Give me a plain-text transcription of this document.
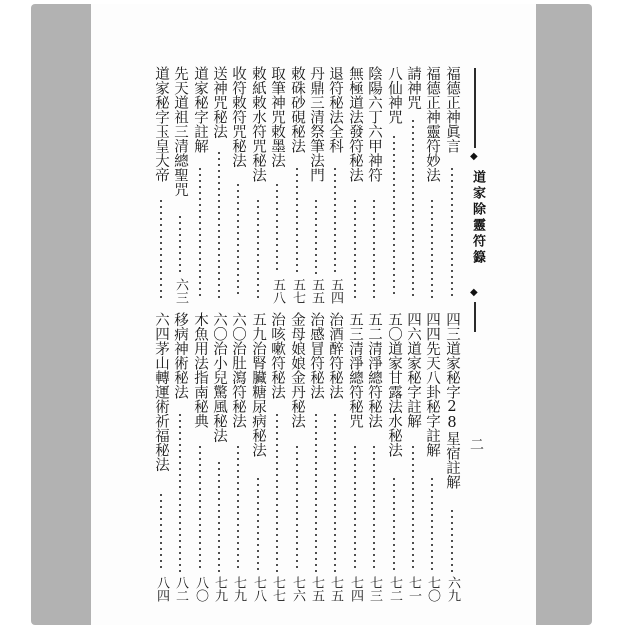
◆
道家除靈符籙
◆
二
福德正神眞言
福德正神靈符妙法
請神咒
八仙神咒
陰陽六丁六甲神符
無極道法發符秘法
退符秘法全科
五四
丹鼎三清祭筆法門
五五
敕硃砂硯秘法
五七
取筆神咒敕墨法
五八
敕紙敕水符咒秘法
收符敕符咒秘法
送神咒秘法
道家秘字註解
先天道祖三清總聖咒
六三
道家秘字玉皇大帝
四三道家秘字28星宿註解
六九
四四先天八卦秘字註解
七〇
四六道家秘字註解
七一
五〇道家甘露法水秘法
七二
五二清淨總符秘法
七三
五三清淨總符秘咒
七四
治酒醉符秘法
七五
治感冒符秘法
七五
金母娘娘金丹秘法
七六
治咳嗽符秘法
七七
五九治腎臟糖尿病秘法
七八
六〇治肚瀉符秘法
七九
六〇治小兒驚風秘法
七九
木魚用法指南秘典
八〇
移病神術秘法
八二
六四茅山轉運術祈福秘法
八四
